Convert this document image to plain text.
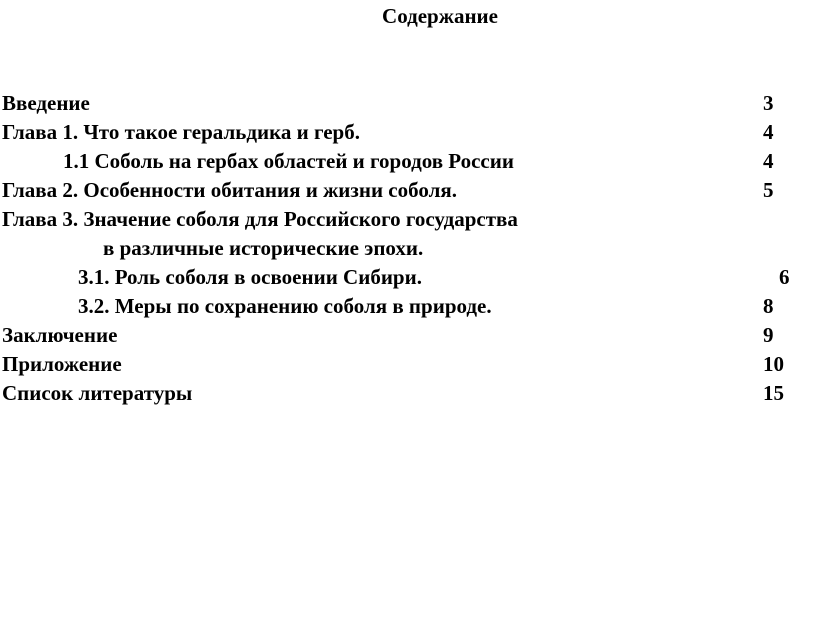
Содержание
Введение	3
Глава 1. Что такое геральдика и герб.	4
1.1 Соболь на гербах областей и городов России	4
Глава 2. Особенности обитания и жизни соболя.	5
Глава 3. Значение соболя для Российского государства
в различные исторические эпохи.
3.1. Роль соболя в освоении Сибири.	6
3.2. Меры по сохранению соболя в природе.	8
Заключение	9
Приложение	10
Список литературы	15
